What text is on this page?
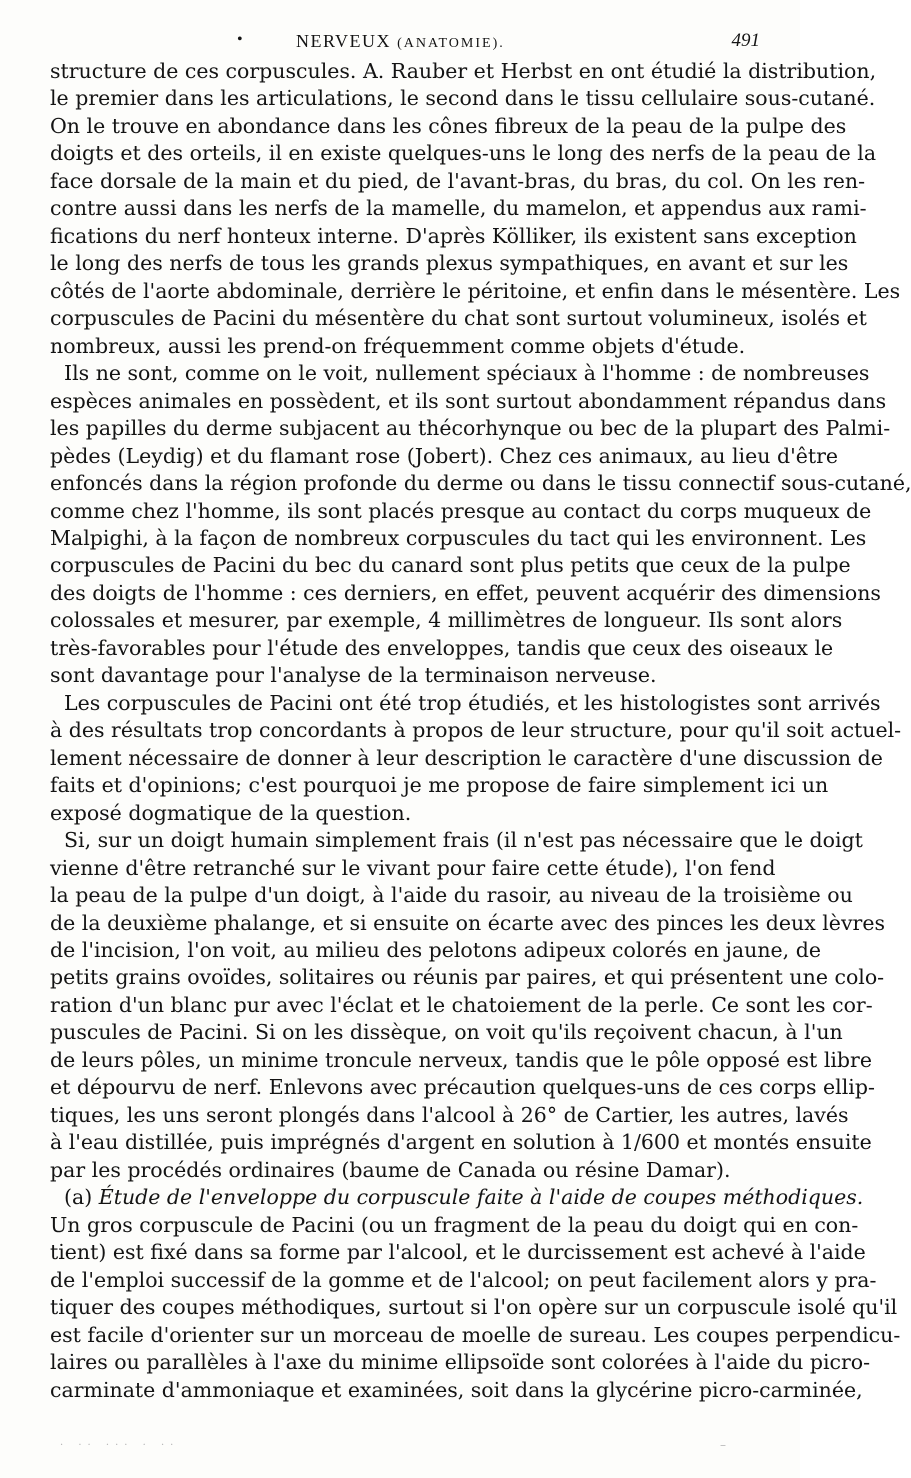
•	NERVEUX (ANATOMIE).	491
structure de ces corpuscules. A. Rauber et Herbst en ont étudié la distribution,
le premier dans les articulations, le second dans le tissu cellulaire sous-cutané.
On le trouve en abondance dans les cônes fibreux de la peau de la pulpe des
doigts et des orteils, il en existe quelques-uns le long des nerfs de la peau de la
face dorsale de la main et du pied, de l'avant-bras, du bras, du col. On les ren-
contre aussi dans les nerfs de la mamelle, du mamelon, et appendus aux rami-
fications du nerf honteux interne. D'après Kölliker, ils existent sans exception
le long des nerfs de tous les grands plexus sympathiques, en avant et sur les
côtés de l'aorte abdominale, derrière le péritoine, et enfin dans le mésentère. Les
corpuscules de Pacini du mésentère du chat sont surtout volumineux, isolés et
nombreux, aussi les prend-on fréquemment comme objets d'étude.
Ils ne sont, comme on le voit, nullement spéciaux à l'homme : de nombreuses
espèces animales en possèdent, et ils sont surtout abondamment répandus dans
les papilles du derme subjacent au thécorhynque ou bec de la plupart des Palmi-
pèdes (Leydig) et du flamant rose (Jobert). Chez ces animaux, au lieu d'être
enfoncés dans la région profonde du derme ou dans le tissu connectif sous-cutané,
comme chez l'homme, ils sont placés presque au contact du corps muqueux de
Malpighi, à la façon de nombreux corpuscules du tact qui les environnent. Les
corpuscules de Pacini du bec du canard sont plus petits que ceux de la pulpe
des doigts de l'homme : ces derniers, en effet, peuvent acquérir des dimensions
colossales et mesurer, par exemple, 4 millimètres de longueur. Ils sont alors
très-favorables pour l'étude des enveloppes, tandis que ceux des oiseaux le
sont davantage pour l'analyse de la terminaison nerveuse.
Les corpuscules de Pacini ont été trop étudiés, et les histologistes sont arrivés
à des résultats trop concordants à propos de leur structure, pour qu'il soit actuel-
lement nécessaire de donner à leur description le caractère d'une discussion de
faits et d'opinions; c'est pourquoi je me propose de faire simplement ici un
exposé dogmatique de la question.
Si, sur un doigt humain simplement frais (il n'est pas nécessaire que le doigt
vienne d'être retranché sur le vivant pour faire cette étude), l'on fend
la peau de la pulpe d'un doigt, à l'aide du rasoir, au niveau de la troisième ou
de la deuxième phalange, et si ensuite on écarte avec des pinces les deux lèvres
de l'incision, l'on voit, au milieu des pelotons adipeux colorés en jaune, de
petits grains ovoïdes, solitaires ou réunis par paires, et qui présentent une colo-
ration d'un blanc pur avec l'éclat et le chatoiement de la perle. Ce sont les cor-
puscules de Pacini. Si on les dissèque, on voit qu'ils reçoivent chacun, à l'un
de leurs pôles, un minime troncule nerveux, tandis que le pôle opposé est libre
et dépourvu de nerf. Enlevons avec précaution quelques-uns de ces corps ellip-
tiques, les uns seront plongés dans l'alcool à 26° de Cartier, les autres, lavés
à l'eau distillée, puis imprégnés d'argent en solution à 1/600 et montés ensuite
par les procédés ordinaires (baume de Canada ou résine Damar).
(a) Étude de l'enveloppe du corpuscule faite à l'aide de coupes méthodiques.
Un gros corpuscule de Pacini (ou un fragment de la peau du doigt qui en con-
tient) est fixé dans sa forme par l'alcool, et le durcissement est achevé à l'aide
de l'emploi successif de la gomme et de l'alcool; on peut facilement alors y pra-
tiquer des coupes méthodiques, surtout si l'on opère sur un corpuscule isolé qu'il
est facile d'orienter sur un morceau de moelle de sureau. Les coupes perpendicu-
laires ou parallèles à l'axe du minime ellipsoïde sont colorées à l'aide du picro-
carminate d'ammoniaque et examinées, soit dans la glycérine picro-carminée,
· ·· ··· · ··	–
